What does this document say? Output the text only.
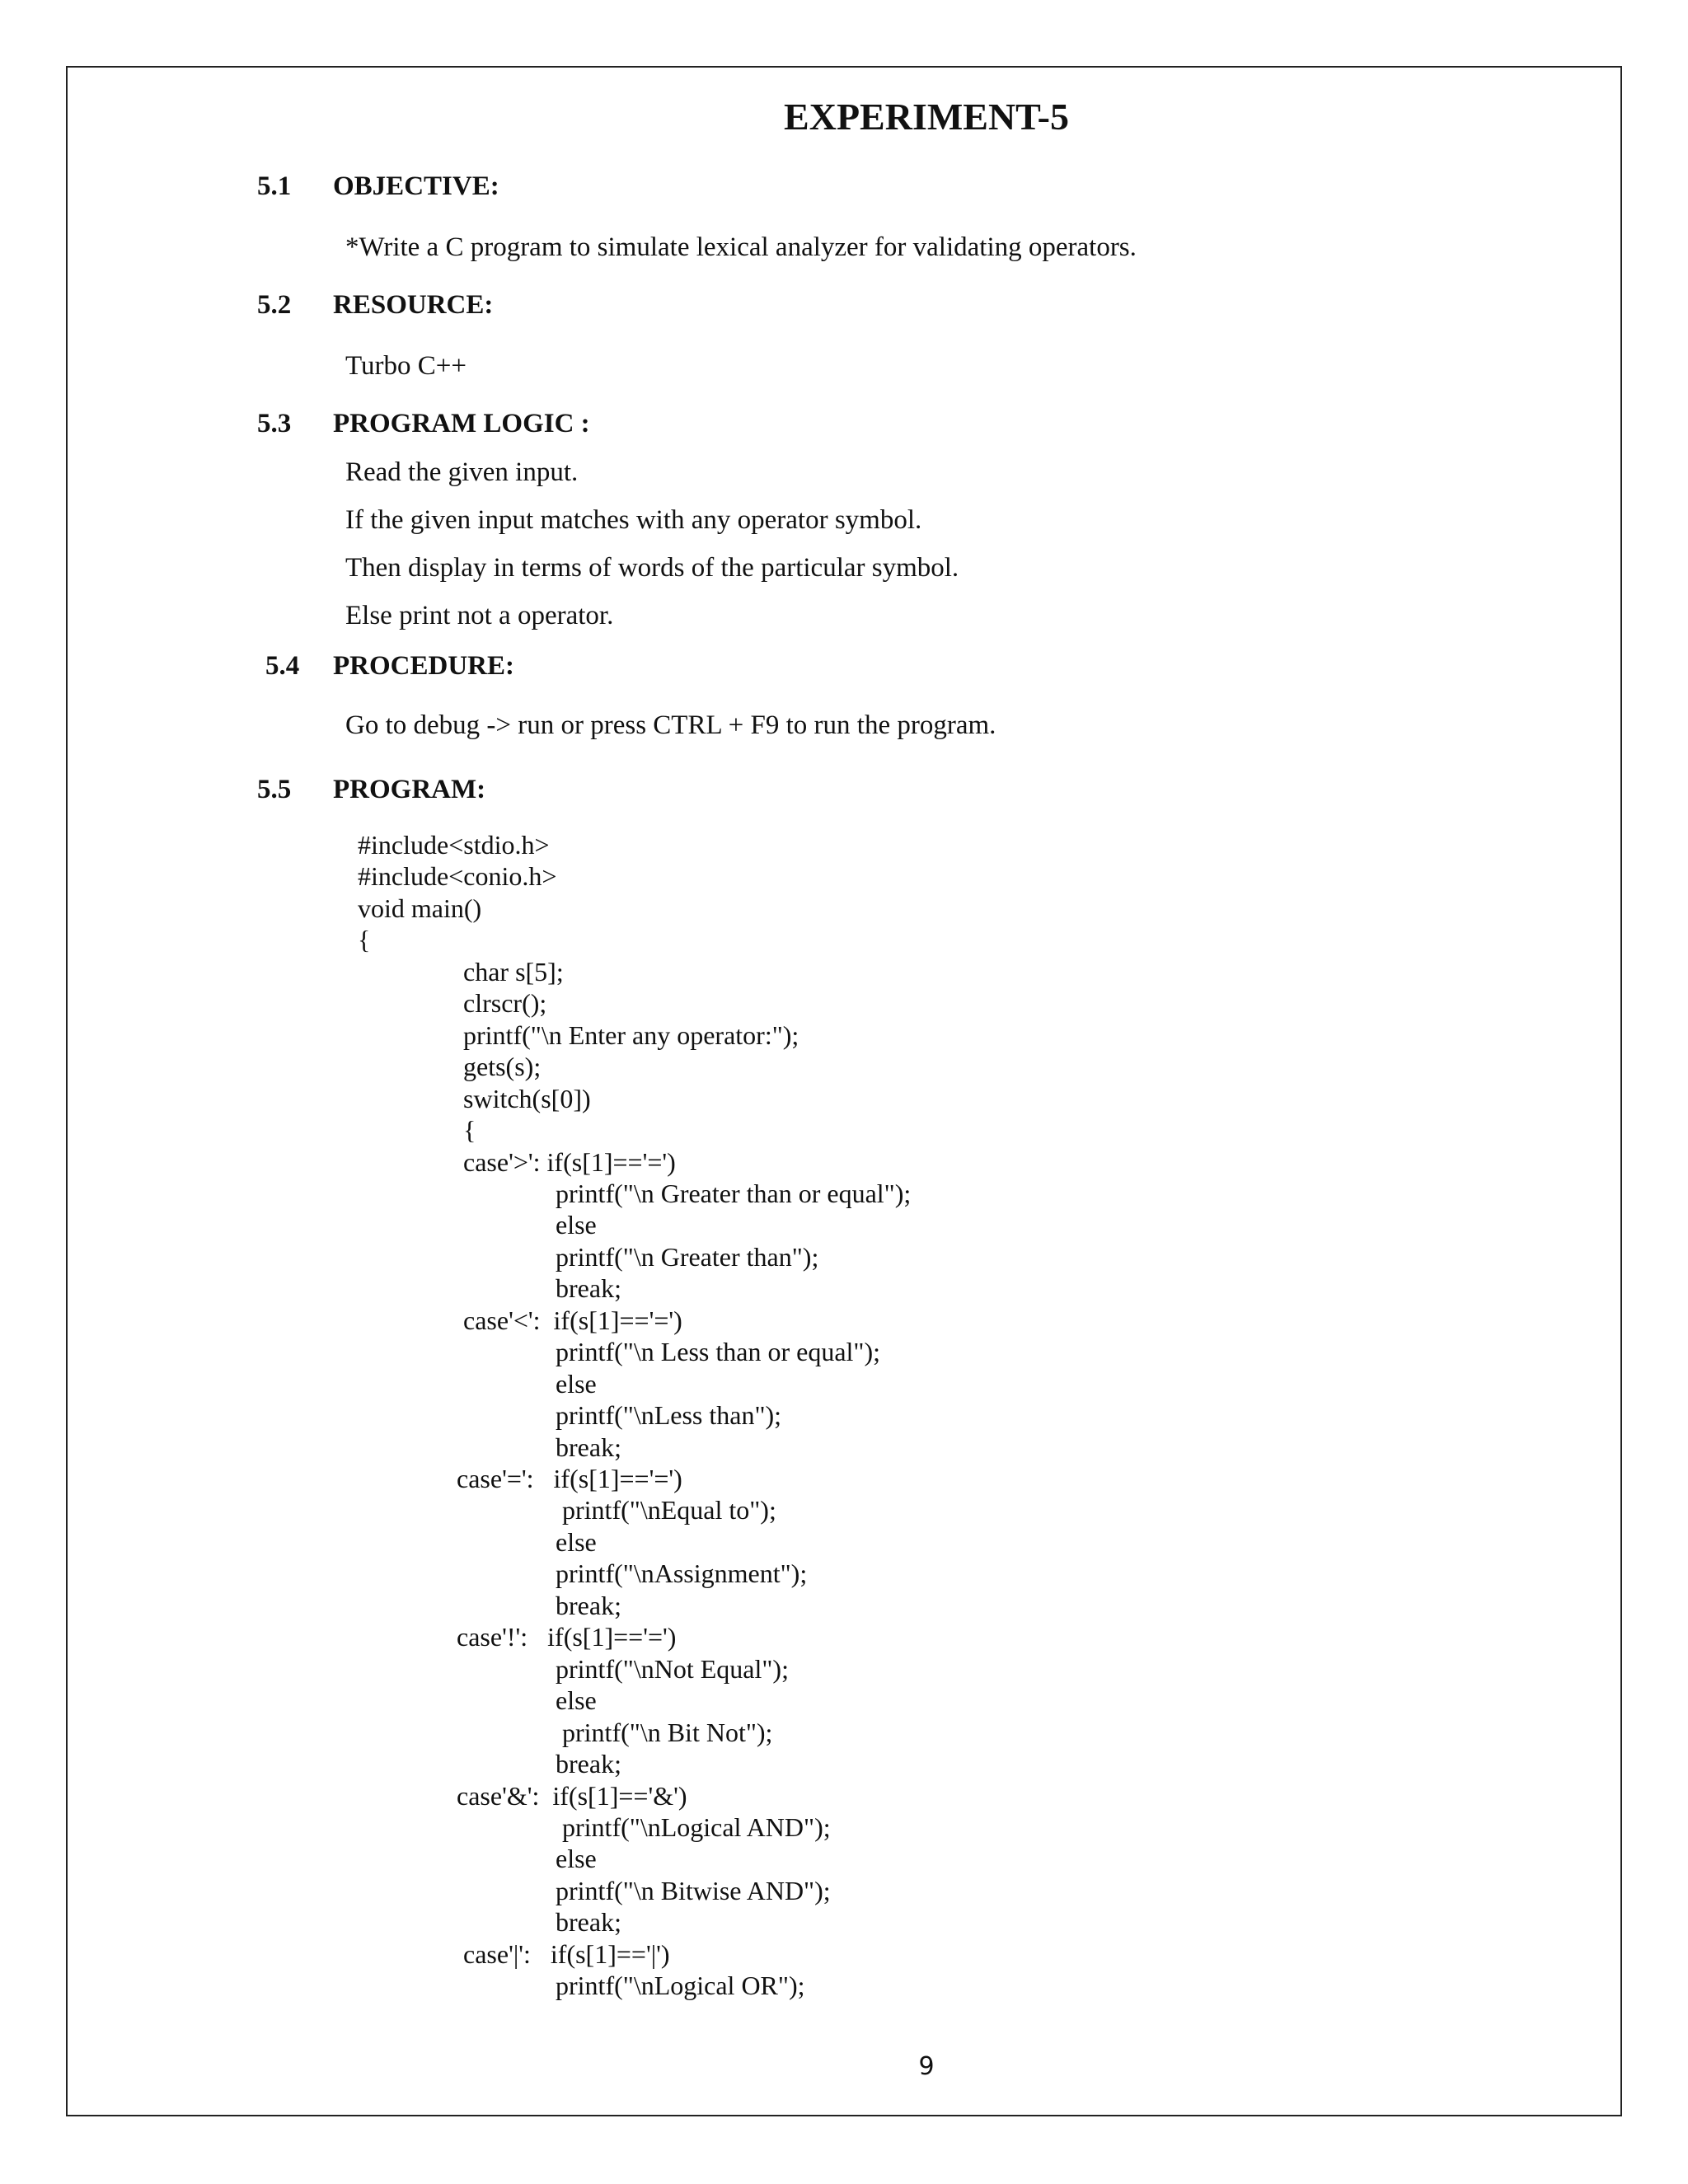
EXPERIMENT-5
5.1 OBJECTIVE:
*Write a C program to simulate lexical analyzer for validating operators.
5.2 RESOURCE:
Turbo C++
5.3 PROGRAM LOGIC :
Read the given input.
If the given input matches with any operator symbol.
Then display in terms of words of the particular symbol.
Else print not a operator.
5.4 PROCEDURE:
Go to debug -> run or press CTRL + F9 to run the program.
5.5 PROGRAM:
#include<stdio.h>
#include<conio.h>
void main()
{
char s[5];
clrscr();
printf("\n Enter any operator:");
gets(s);
switch(s[0])
{
case'>': if(s[1]=='=')
printf("\n Greater than or equal");
else
printf("\n Greater than");
break;
case'<':  if(s[1]=='=')
printf("\n Less than or equal");
else
printf("\nLess than");
break;
case'=':   if(s[1]=='=')
printf("\nEqual to");
else
printf("\nAssignment");
break;
case'!':   if(s[1]=='=')
printf("\nNot Equal");
else
printf("\n Bit Not");
break;
case'&':  if(s[1]=='&')
printf("\nLogical AND");
else
printf("\n Bitwise AND");
break;
case'|':   if(s[1]=='|')
printf("\nLogical OR");
9
